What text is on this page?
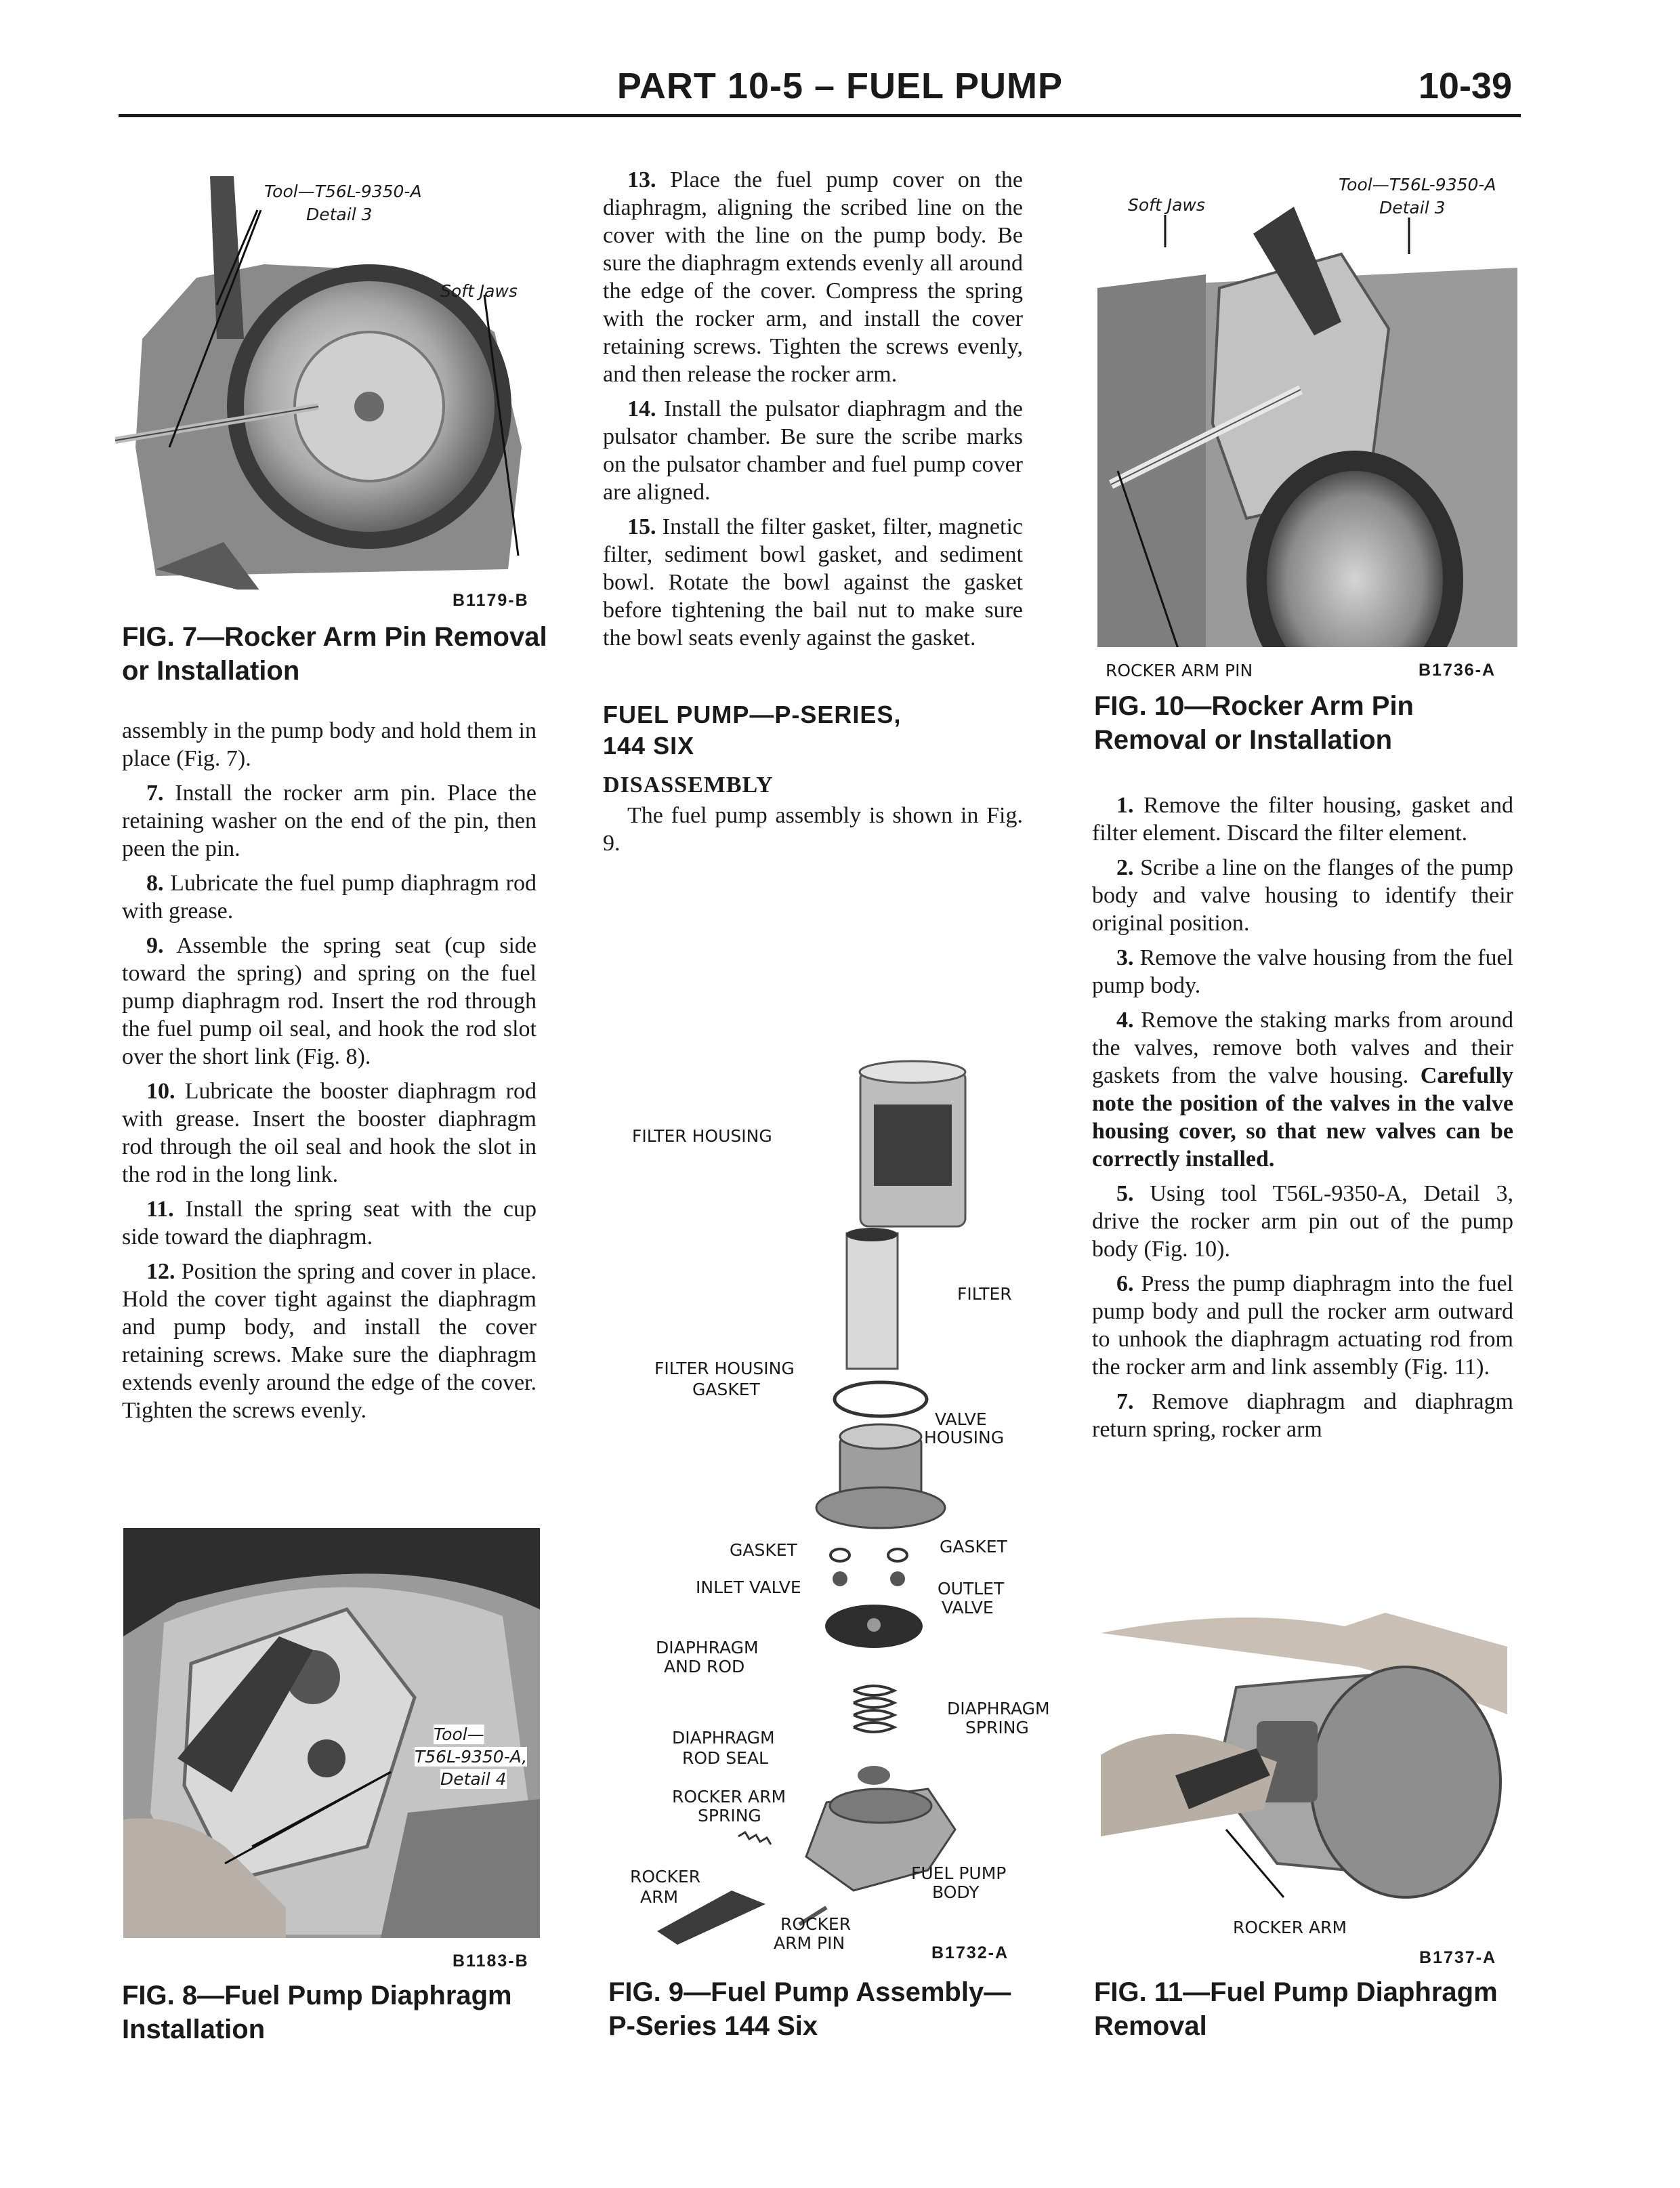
PART 10-5 – FUEL PUMP	10-39
Tool—T56L-9350-A
Detail 3
Soft Jaws
B1179-B
FIG. 7—Rocker Arm Pin Removal
or Installation

assembly in the pump body and hold them in place (Fig. 7).

7. Install the rocker arm pin. Place the retaining washer on the end of the pin, then peen the pin.

8. Lubricate the fuel pump diaphragm rod with grease.

9. Assemble the spring seat (cup side toward the spring) and spring on the fuel pump diaphragm rod. Insert the rod through the fuel pump oil seal, and hook the rod slot over the short link (Fig. 8).

10. Lubricate the booster diaphragm rod with grease. Insert the booster diaphragm rod through the oil seal and hook the slot in the rod in the long link.

11. Install the spring seat with the cup side toward the diaphragm.

12. Position the spring and cover in place. Hold the cover tight against the diaphragm and pump body, and install the cover retaining screws. Make sure the diaphragm extends evenly around the edge of the cover. Tighten the screws evenly.

Tool—
T56L-9350-A,
Detail 4
B1183-B
FIG. 8—Fuel Pump Diaphragm
Installation

13. Place the fuel pump cover on the diaphragm, aligning the scribed line on the cover with the line on the pump body. Be sure the diaphragm extends evenly all around the edge of the cover. Compress the spring with the rocker arm, and install the cover retaining screws. Tighten the screws evenly, and then release the rocker arm.

14. Install the pulsator diaphragm and the pulsator chamber. Be sure the scribe marks on the pulsator chamber and fuel pump cover are aligned.

15. Install the filter gasket, filter, magnetic filter, sediment bowl gasket, and sediment bowl. Rotate the bowl against the gasket before tightening the bail nut to make sure the bowl seats evenly against the gasket.

FUEL PUMP—P-SERIES,
144 SIX
DISASSEMBLY

The fuel pump assembly is shown in Fig. 9.

FILTER HOUSING
FILTER
FILTER HOUSING
GASKET
VALVE
HOUSING
GASKET	GASKET
INLET VALVE	OUTLET
VALVE
DIAPHRAGM
AND ROD
DIAPHRAGM
SPRING
DIAPHRAGM
ROD SEAL
ROCKER ARM
SPRING
ROCKER
ARM
FUEL PUMP
BODY
ROCKER
ARM PIN	B1732-A
FIG. 9—Fuel Pump Assembly—
P-Series 144 Six
Soft Jaws
Tool—T56L-9350-A
Detail 3
ROCKER ARM PIN	B1736-A
FIG. 10—Rocker Arm Pin
Removal or Installation

1. Remove the filter housing, gasket and filter element. Discard the filter element.

2. Scribe a line on the flanges of the pump body and valve housing to identify their original position.

3. Remove the valve housing from the fuel pump body.

4. Remove the staking marks from around the valves, remove both valves and their gaskets from the valve housing. Carefully note the position of the valves in the valve housing cover, so that new valves can be correctly installed.

5. Using tool T56L-9350-A, Detail 3, drive the rocker arm pin out of the pump body (Fig. 10).

6. Press the pump diaphragm into the fuel pump body and pull the rocker arm outward to unhook the diaphragm actuating rod from the rocker arm and link assembly (Fig. 11).

7. Remove diaphragm and diaphragm return spring, rocker arm

ROCKER ARM
B1737-A
FIG. 11—Fuel Pump Diaphragm
Removal
